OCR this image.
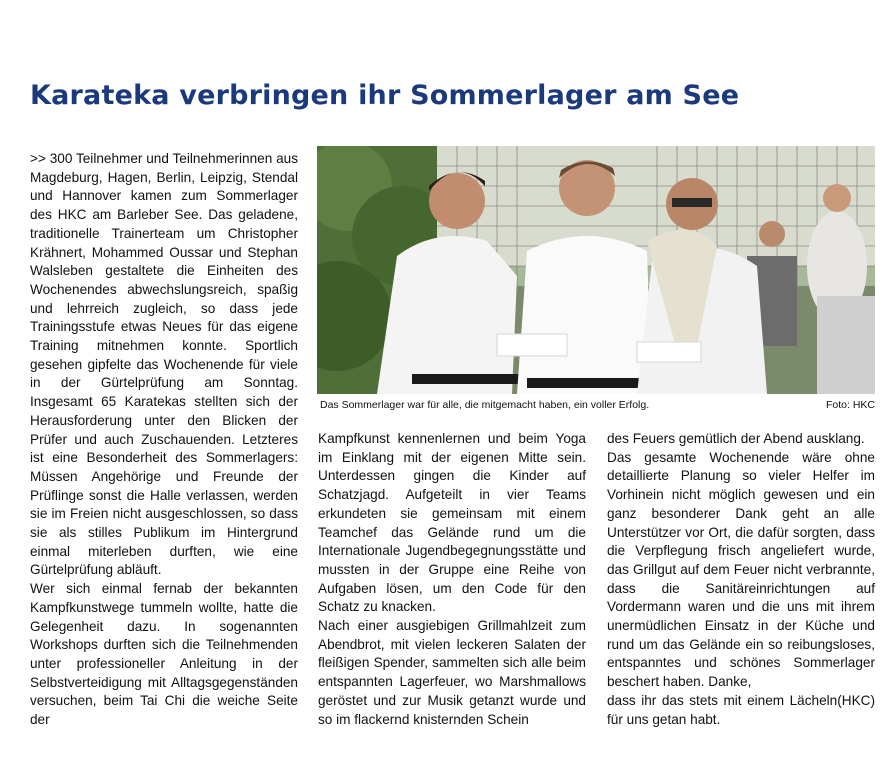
Karateka verbringen ihr Sommerlager am See

>> 300 Teilnehmer und Teilnehmerinnen aus Magdeburg, Hagen, Berlin, Leipzig, Stendal und Hannover kamen zum Sommerlager des HKC am Barleber See. Das geladene, traditionelle Trainerteam um Christopher Krähnert, Mohammed Oussar und Stephan Walsleben gestaltete die Einheiten des Wochenendes abwechslungsreich, spaßig und lehrreich zugleich, so dass jede Trainingsstufe etwas Neues für das eigene Training mitnehmen konnte. Sportlich gesehen gipfelte das Wochenende für viele in der Gürtelprüfung am Sonntag. Insgesamt 65 Karatekas stellten sich der Herausforderung unter den Blicken der Prüfer und auch Zuschauenden. Letzteres ist eine Besonderheit des Sommerlagers: Müssen Angehörige und Freunde der Prüflinge sonst die Halle verlassen, werden sie im Freien nicht ausgeschlossen, so dass sie als stilles Publikum im Hintergrund einmal miterleben durften, wie eine Gürtelprüfung abläuft.

Wer sich einmal fernab der bekannten Kampfkunstwege tummeln wollte, hatte die Gelegenheit dazu. In sogenannten Workshops durften sich die Teilnehmenden unter professioneller Anleitung in der Selbstverteidigung mit Alltagsgegenständen versuchen, beim Tai Chi die weiche Seite der

Das Sommerlager war für alle, die mitgemacht haben, ein voller Erfolg.	Foto: HKC

Kampfkunst kennenlernen und beim Yoga im Einklang mit der eigenen Mitte sein. Unterdessen gingen die Kinder auf Schatzjagd. Aufgeteilt in vier Teams erkundeten sie gemeinsam mit einem Teamchef das Gelände rund um die Internationale Jugendbegegnungsstätte und mussten in der Gruppe eine Reihe von Aufgaben lösen, um den Code für den Schatz zu knacken.

Nach einer ausgiebigen Grillmahlzeit zum Abendbrot, mit vielen leckeren Salaten der fleißigen Spender, sammelten sich alle beim entspannten Lagerfeuer, wo Marshmallows geröstet und zur Musik getanzt wurde und so im flackernd knisternden Schein

des Feuers gemütlich der Abend ausklang.

Das gesamte Wochenende wäre ohne detaillierte Planung so vieler Helfer im Vorhinein nicht möglich gewesen und ein ganz besonderer Dank geht an alle Unterstützer vor Ort, die dafür sorgten, dass die Verpflegung frisch angeliefert wurde, das Grillgut auf dem Feuer nicht verbrannte, dass die Sanitäreinrichtungen auf Vordermann waren und die uns mit ihrem unermüdlichen Einsatz in der Küche und rund um das Gelände ein so reibungsloses, entspanntes und schönes Sommerlager beschert haben. Danke,

dass ihr das stets mit einem Lächeln für uns getan habt.
(HKC)
